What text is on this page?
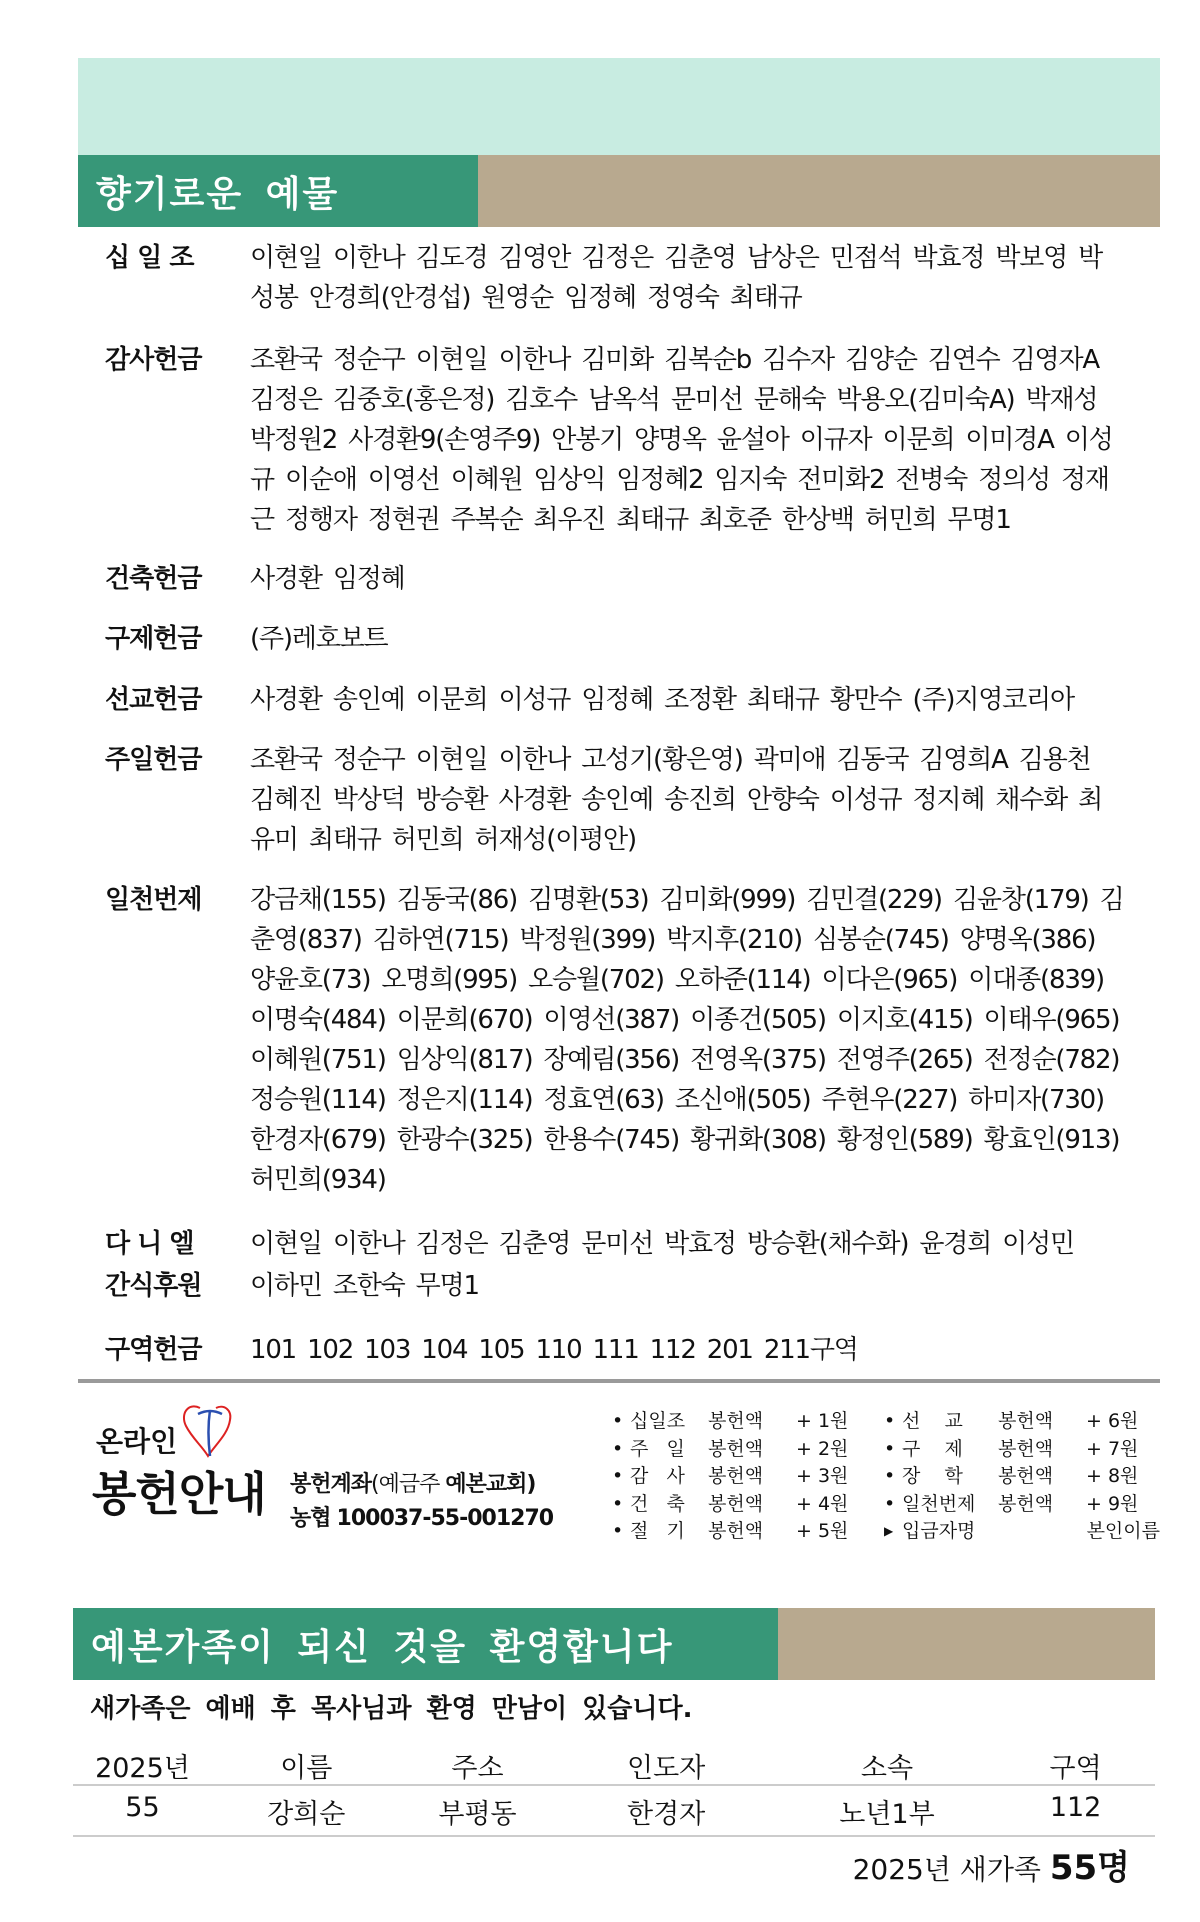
향기로운 예물
십 일 조	이현일 이한나 김도경 김영안 김정은 김춘영 남상은 민점석 박효정 박보영 박성봉 안경희(안경섭) 원영순 임정혜 정영숙 최태규
감사헌금	조환국 정순구 이현일 이한나 김미화 김복순b 김수자 김양순 김연수 김영자A 김정은 김중호(홍은정) 김호수 남옥석 문미선 문해숙 박용오(김미숙A) 박재성 박정원2 사경환9(손영주9) 안봉기 양명옥 윤설아 이규자 이문희 이미경A 이성규 이순애 이영선 이혜원 임상익 임정혜2 임지숙 전미화2 전병숙 정의성 정재근 정행자 정현권 주복순 최우진 최태규 최호준 한상백 허민희 무명1
건축헌금	사경환 임정혜
구제헌금	(주)레호보트
선교헌금	사경환 송인예 이문희 이성규 임정혜 조정환 최태규 황만수 (주)지영코리아
주일헌금	조환국 정순구 이현일 이한나 고성기(황은영) 곽미애 김동국 김영희A 김용천 김혜진 박상덕 방승환 사경환 송인예 송진희 안향숙 이성규 정지혜 채수화 최유미 최태규 허민희 허재성(이평안)
일천번제	강금채(155) 김동국(86) 김명환(53) 김미화(999) 김민결(229) 김윤창(179) 김춘영(837) 김하연(715) 박정원(399) 박지후(210) 심봉순(745) 양명옥(386) 양윤호(73) 오명희(995) 오승월(702) 오하준(114) 이다은(965) 이대종(839) 이명숙(484) 이문희(670) 이영선(387) 이종건(505) 이지호(415) 이태우(965) 이혜원(751) 임상익(817) 장예림(356) 전영옥(375) 전영주(265) 전정순(782) 정승원(114) 정은지(114) 정효연(63) 조신애(505) 주현우(227) 하미자(730) 한경자(679) 한광수(325) 한용수(745) 황귀화(308) 황정인(589) 황효인(913) 허민희(934)
다 니 엘	이현일 이한나 김정은 김춘영 문미선 박효정 방승환(채수화) 윤경희 이성민
간식후원	이하민 조한숙 무명1
구역헌금	101 102 103 104 105 110 111 112 201 211구역
온라인
봉헌안내 봉헌계좌(예금주 예본교회)
농협 100037-55-001270
• 십일조	봉헌액	+ 1원
• 주   일	봉헌액	+ 2원
• 감   사	봉헌액	+ 3원
• 건   축	봉헌액	+ 4원
• 절   기	봉헌액	+ 5원
• 선    교	봉헌액	+ 6원
• 구    제	봉헌액	+ 7원
• 장    학	봉헌액	+ 8원
• 일천번제	봉헌액	+ 9원
▶ 입금자명	본인이름
예본가족이 되신 것을 환영합니다
새가족은 예배 후 목사님과 환영 만남이 있습니다.
2025년	이름	주소	인도자	소속	구역
55	강희순	부평동	한경자	노년1부	112
2025년 새가족 55명
